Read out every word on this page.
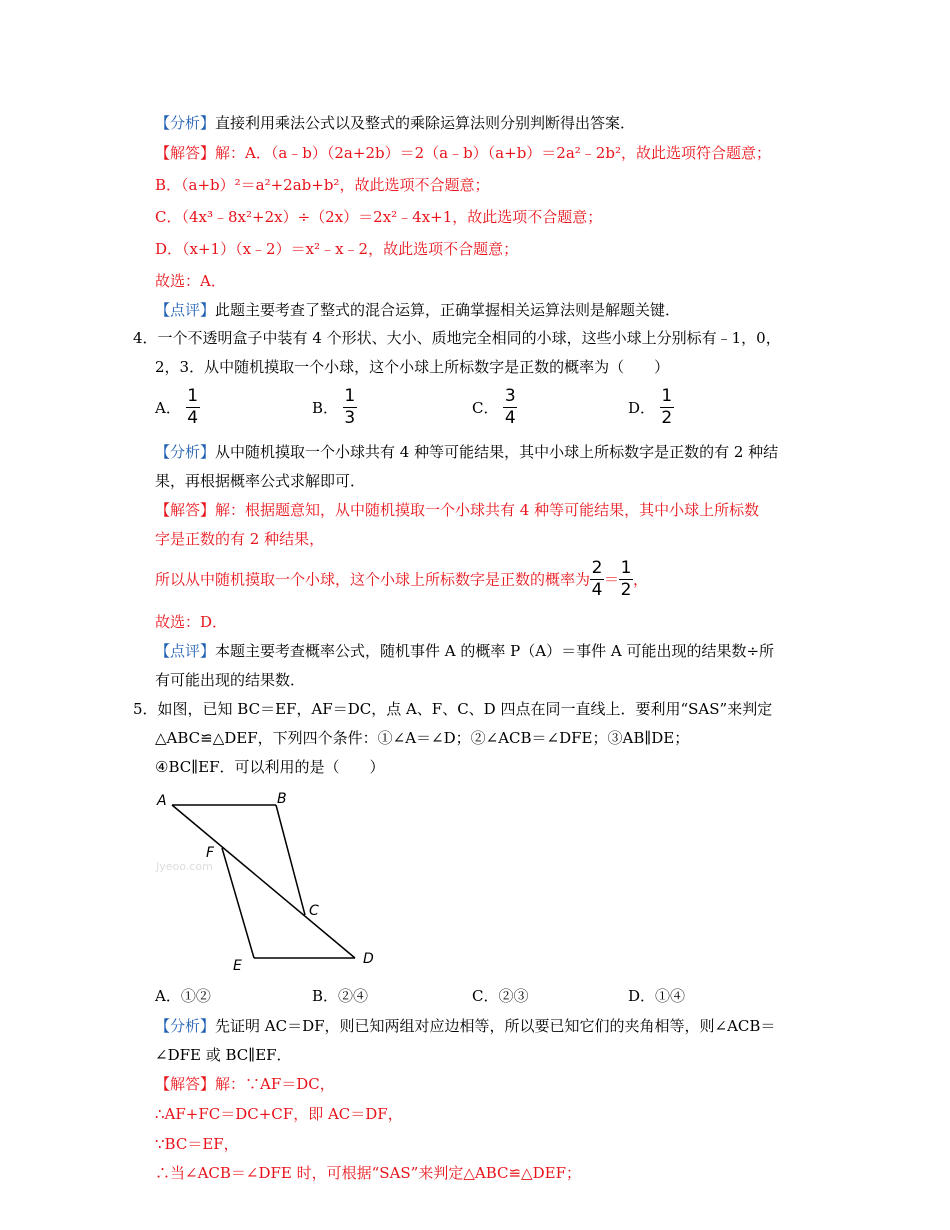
【分析】直接利用乘法公式以及整式的乘除运算法则分别判断得出答案．
【解答】解：A．（a﹣b）（2a+2b）＝2（a﹣b）（a+b）＝2a²﹣2b²，故此选项符合题意；
B．（a+b）²＝a²+2ab+b²，故此选项不合题意；
C．（4x³﹣8x²+2x）÷（2x）＝2x²﹣4x+1，故此选项不合题意；
D．（x+1）（x﹣2）＝x²﹣x﹣2，故此选项不合题意；
故选：A．
【点评】此题主要考查了整式的混合运算，正确掌握相关运算法则是解题关键．
4．一个不透明盒子中装有 4 个形状、大小、质地完全相同的小球，这些小球上分别标有﹣1，0，
2，3．从中随机摸取一个小球，这个小球上所标数字是正数的概率为（　　）
A． $\frac{1}{4}$	B． $\frac{1}{3}$	C． $\frac{3}{4}$	D． $\frac{1}{2}$
【分析】从中随机摸取一个小球共有 4 种等可能结果，其中小球上所标数字是正数的有 2 种结
果，再根据概率公式求解即可．
【解答】解：根据题意知，从中随机摸取一个小球共有 4 种等可能结果，其中小球上所标数
字是正数的有 2 种结果，
所以从中随机摸取一个小球，这个小球上所标数字是正数的概率为 $\frac{2}{4} = \frac{1}{2}$ ，
故选：D．
【点评】本题主要考查概率公式，随机事件 A 的概率 P（A）＝事件 A 可能出现的结果数÷所
有可能出现的结果数．
5．如图，已知 BC＝EF，AF＝DC，点 A、F、C、D 四点在同一直线上．要利用“SAS”来判定
△ABC≌△DEF，下列四个条件：①∠A＝∠D；②∠ACB＝∠DFE；③AB∥DE；
④BC∥EF．可以利用的是（　　）
Jyeoo.com
A	B
F
C
E	D
A．①②	B．②④	C．②③	D．①④
【分析】先证明 AC＝DF，则已知两组对应边相等，所以要已知它们的夹角相等，则∠ACB＝
∠DFE 或 BC∥EF．
【解答】解：∵AF＝DC，
∴AF+FC＝DC+CF，即 AC＝DF，
∵BC＝EF，
∴当∠ACB＝∠DFE 时，可根据“SAS”来判定△ABC≌△DEF；
